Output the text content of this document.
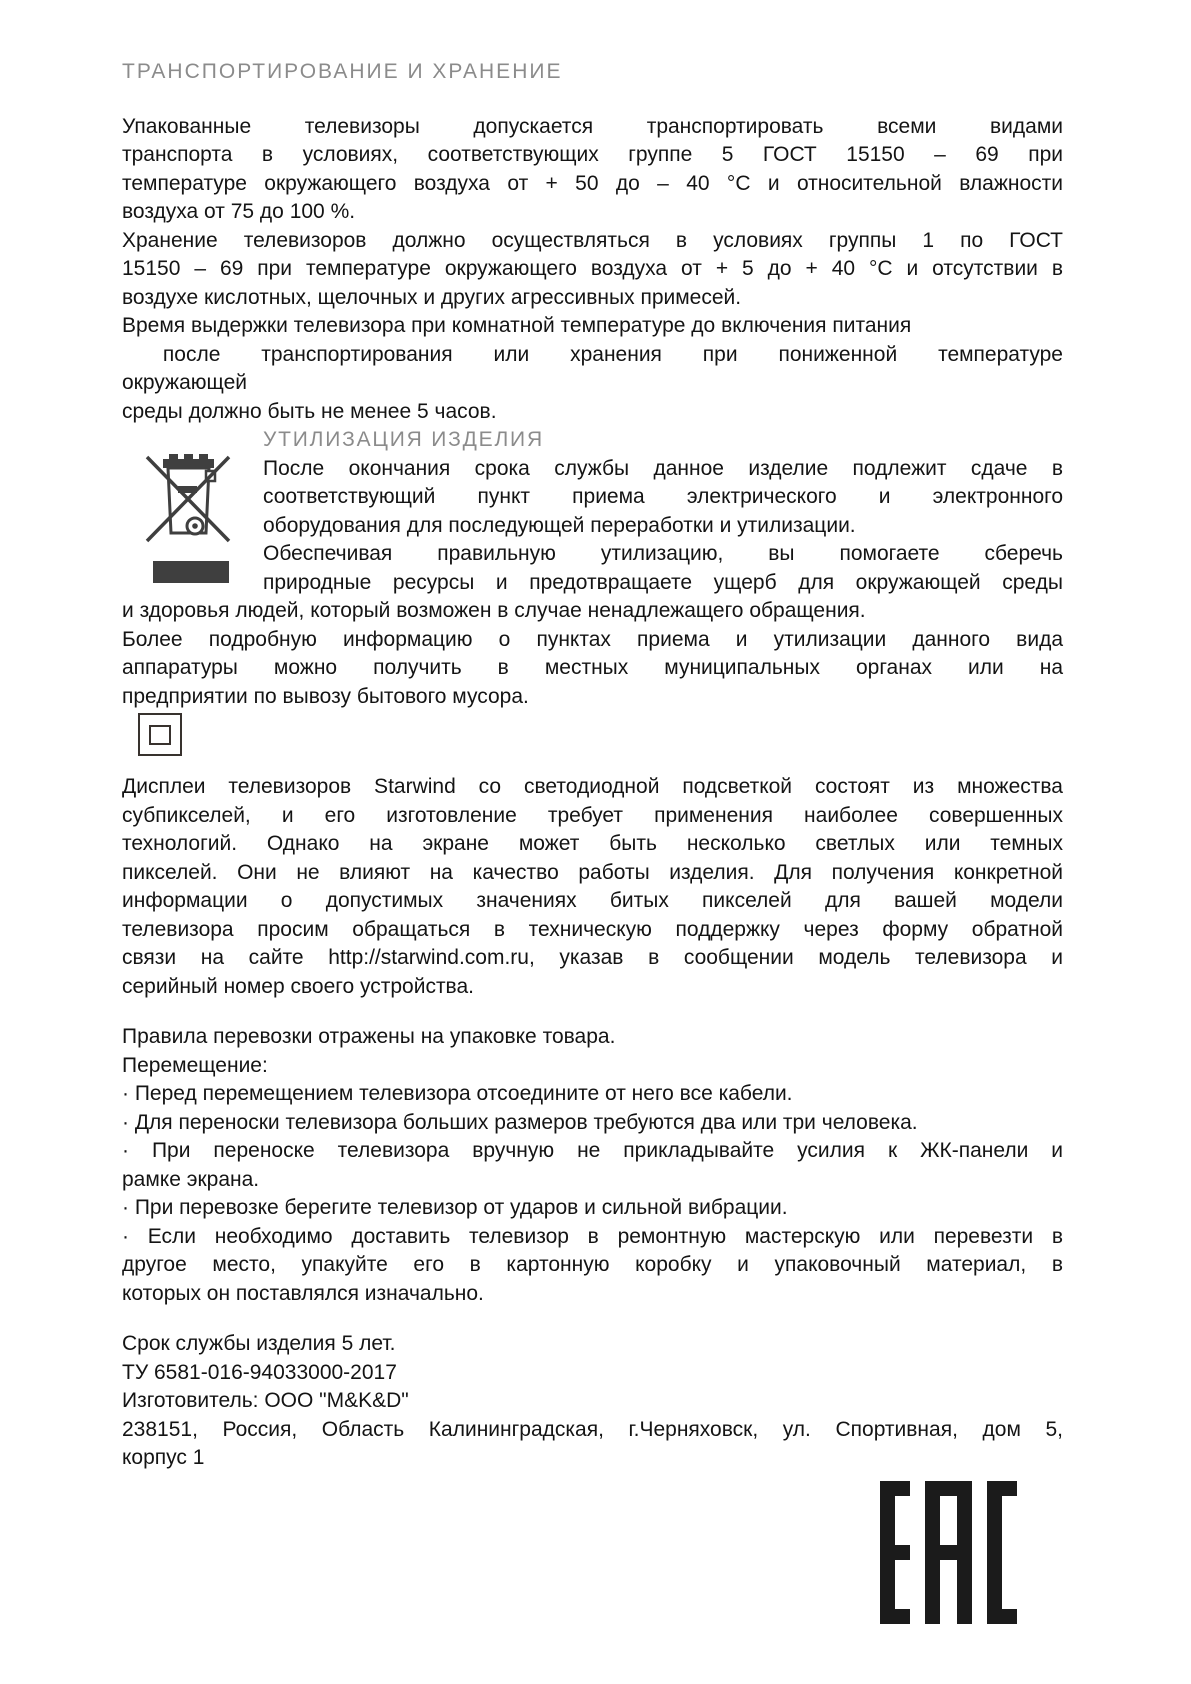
ТРАНСПОРТИРОВАНИЕ И ХРАНЕНИЕ
Упакованные телевизоры допускается транспортировать всеми видами
транспорта в условиях, соответствующих группе 5 ГОСТ 15150 – 69 при
температуре окружающего воздуха от + 50 до – 40 °С и относительной влажности
воздуха от 75 до 100 %.
Хранение телевизоров должно осуществляться в условиях группы 1 по ГОСТ
15150 – 69 при температуре окружающего воздуха от + 5 до + 40 °С и отсутствии в
воздухе кислотных, щелочных и других агрессивных примесей.
Время выдержки телевизора при комнатной температуре до включения питания
после транспортирования или хранения при пониженной температуре
окружающей
среды должно быть не менее 5 часов.
УТИЛИЗАЦИЯ ИЗДЕЛИЯ
После окончания срока службы данное изделие подлежит сдаче в
соответствующий пункт приема электрического и электронного
оборудования для последующей переработки и утилизации.
Обеспечивая правильную утилизацию, вы помогаете сберечь
природные ресурсы и предотвращаете ущерб для окружающей среды
и здоровья людей, который возможен в случае ненадлежащего обращения.
Более подробную информацию о пунктах приема и утилизации данного вида
аппаратуры можно получить в местных муниципальных органах или на
предприятии по вывозу бытового мусора.
Дисплеи телевизоров Starwind со светодиодной подсветкой состоят из множества
субпикселей, и его изготовление требует применения наиболее совершенных
технологий. Однако на экране может быть несколько светлых или темных
пикселей. Они не влияют на качество работы изделия. Для получения конкретной
информации о допустимых значениях битых пикселей для вашей модели
телевизора просим обращаться в техническую поддержку через форму обратной
связи на сайте http://starwind.com.ru, указав в сообщении модель телевизора и
серийный номер своего устройства.
Правила перевозки отражены на упаковке товара.
Перемещение:
· Перед перемещением телевизора отсоедините от него все кабели.
· Для переноски телевизора больших размеров требуются два или три человека.
· При переноске телевизора вручную не прикладывайте усилия к ЖК-панели и
рамке экрана.
· При перевозке берегите телевизор от ударов и сильной вибрации.
· Если необходимо доставить телевизор в ремонтную мастерскую или перевезти в
другое место, упакуйте его в картонную коробку и упаковочный материал, в
которых он поставлялся изначально.
Срок службы изделия 5 лет.
ТУ 6581-016-94033000-2017
Изготовитель: ООО "M&K&D"
238151, Россия, Область Калининградская, г.Черняховск, ул. Спортивная, дом 5,
корпус 1
